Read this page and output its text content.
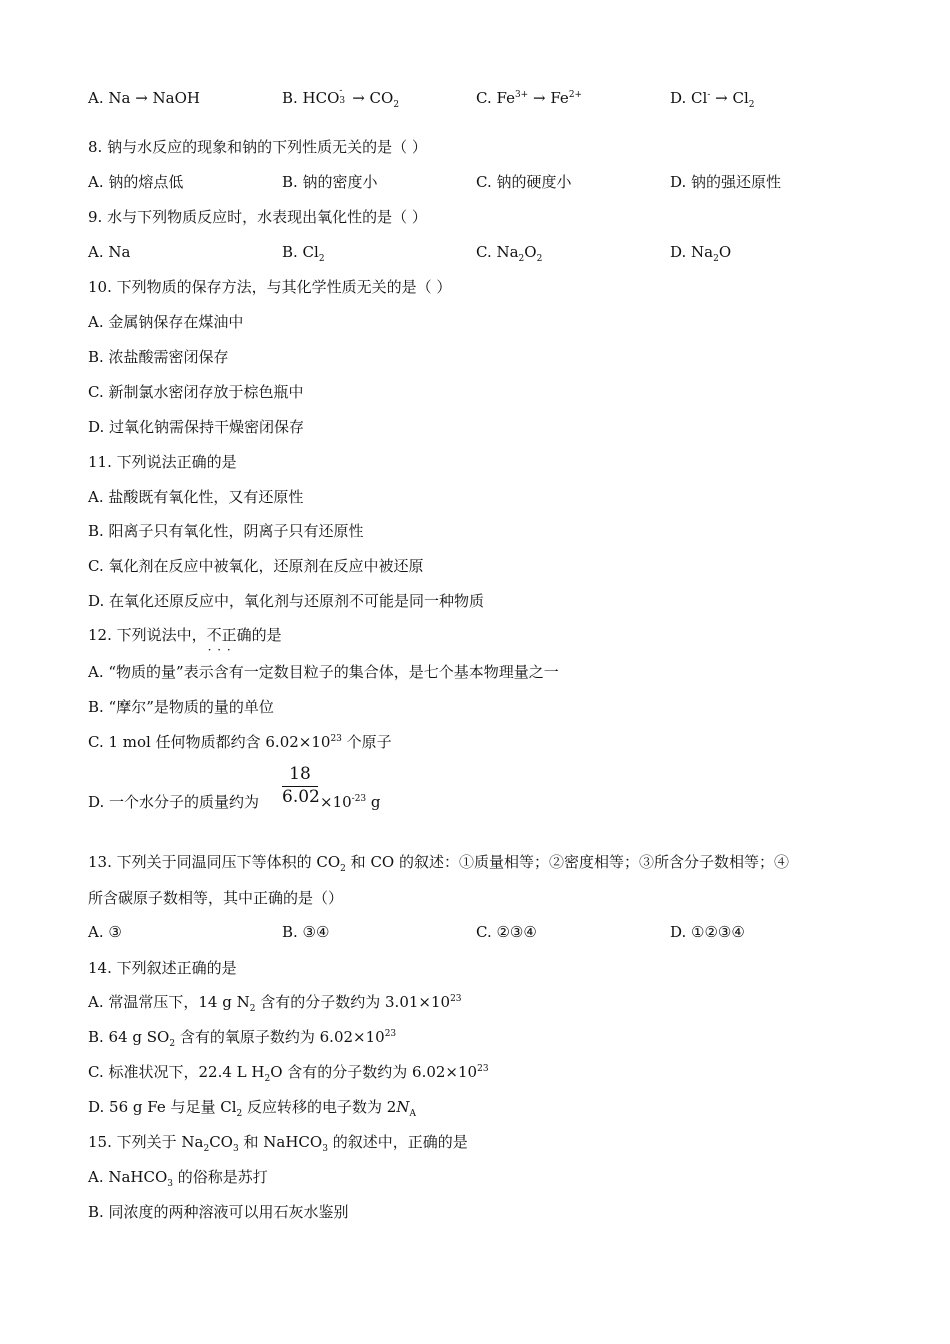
A. Na → NaOH	B. HCO -
$3 \to CO_2$	C. $Fe^{3+} \to Fe^{2+}$	D. $Cl^- \to Cl_2$
8. 钠与水反应的现象和钠的下列性质无关的是（ ）
A. 钠的熔点低	B. 钠的密度小	C. 钠的硬度小	D. 钠的强还原性
9. 水与下列物质反应时，水表现出氧化性的是（ ）
A. Na	B. $Cl_2$	C. $Na_2O_2$	D. $Na_2O$
10. 下列物质的保存方法，与其化学性质无关的是（ ）
A. 金属钠保存在煤油中
B. 浓盐酸需密闭保存
C. 新制氯水密闭存放于棕色瓶中
D. 过氧化钠需保持干燥密闭保存
11. 下列说法正确的是
A. 盐酸既有氧化性，又有还原性
B. 阳离子只有氧化性，阴离子只有还原性
C. 氧化剂在反应中被氧化，还原剂在反应中被还原
D. 在氧化还原反应中，氧化剂与还原剂不可能是同一种物质
12. 下列说法中，不正确 · · ·的是
A. “物质的量”表示含有一定数目粒子的集合体，是七个基本物理量之一
B. “摩尔”是物质的量的单位
C. 1 mol 任何物质都约含 $6.02\times 10^{23}$ 个原子
$\frac{18}{6.02}$
D. 一个水分子的质量约为	$\times 10^{-23}$ g
13. 下列关于同温同压下等体积的 $CO_2$ 和 CO 的叙述：①质量相等；②密度相等；③所含分子数相等；④
所含碳原子数相等，其中正确的是（）
A. ③	B. ③④	C. ②③④	D. ①②③④
14. 下列叙述正确的是
A. 常温常压下，14 g $N_2$ 含有的分子数约为 $3.01\times 10^{23}$
B. 64 g $SO_2$ 含有的氧原子数约为 $6.02\times 10^{23}$
C. 标准状况下，22.4 L $H_2O$ 含有的分子数约为 $6.02\times 10^{23}$
D. 56 g Fe 与足量 $Cl_2$ 反应转移的电子数为 $2N_A$
15. 下列关于 $Na_2CO_3$ 和 NaHCO$_3$ 的叙述中，正确的是
A. NaHCO$_3$ 的俗称是苏打
B. 同浓度的两种溶液可以用石灰水鉴别
